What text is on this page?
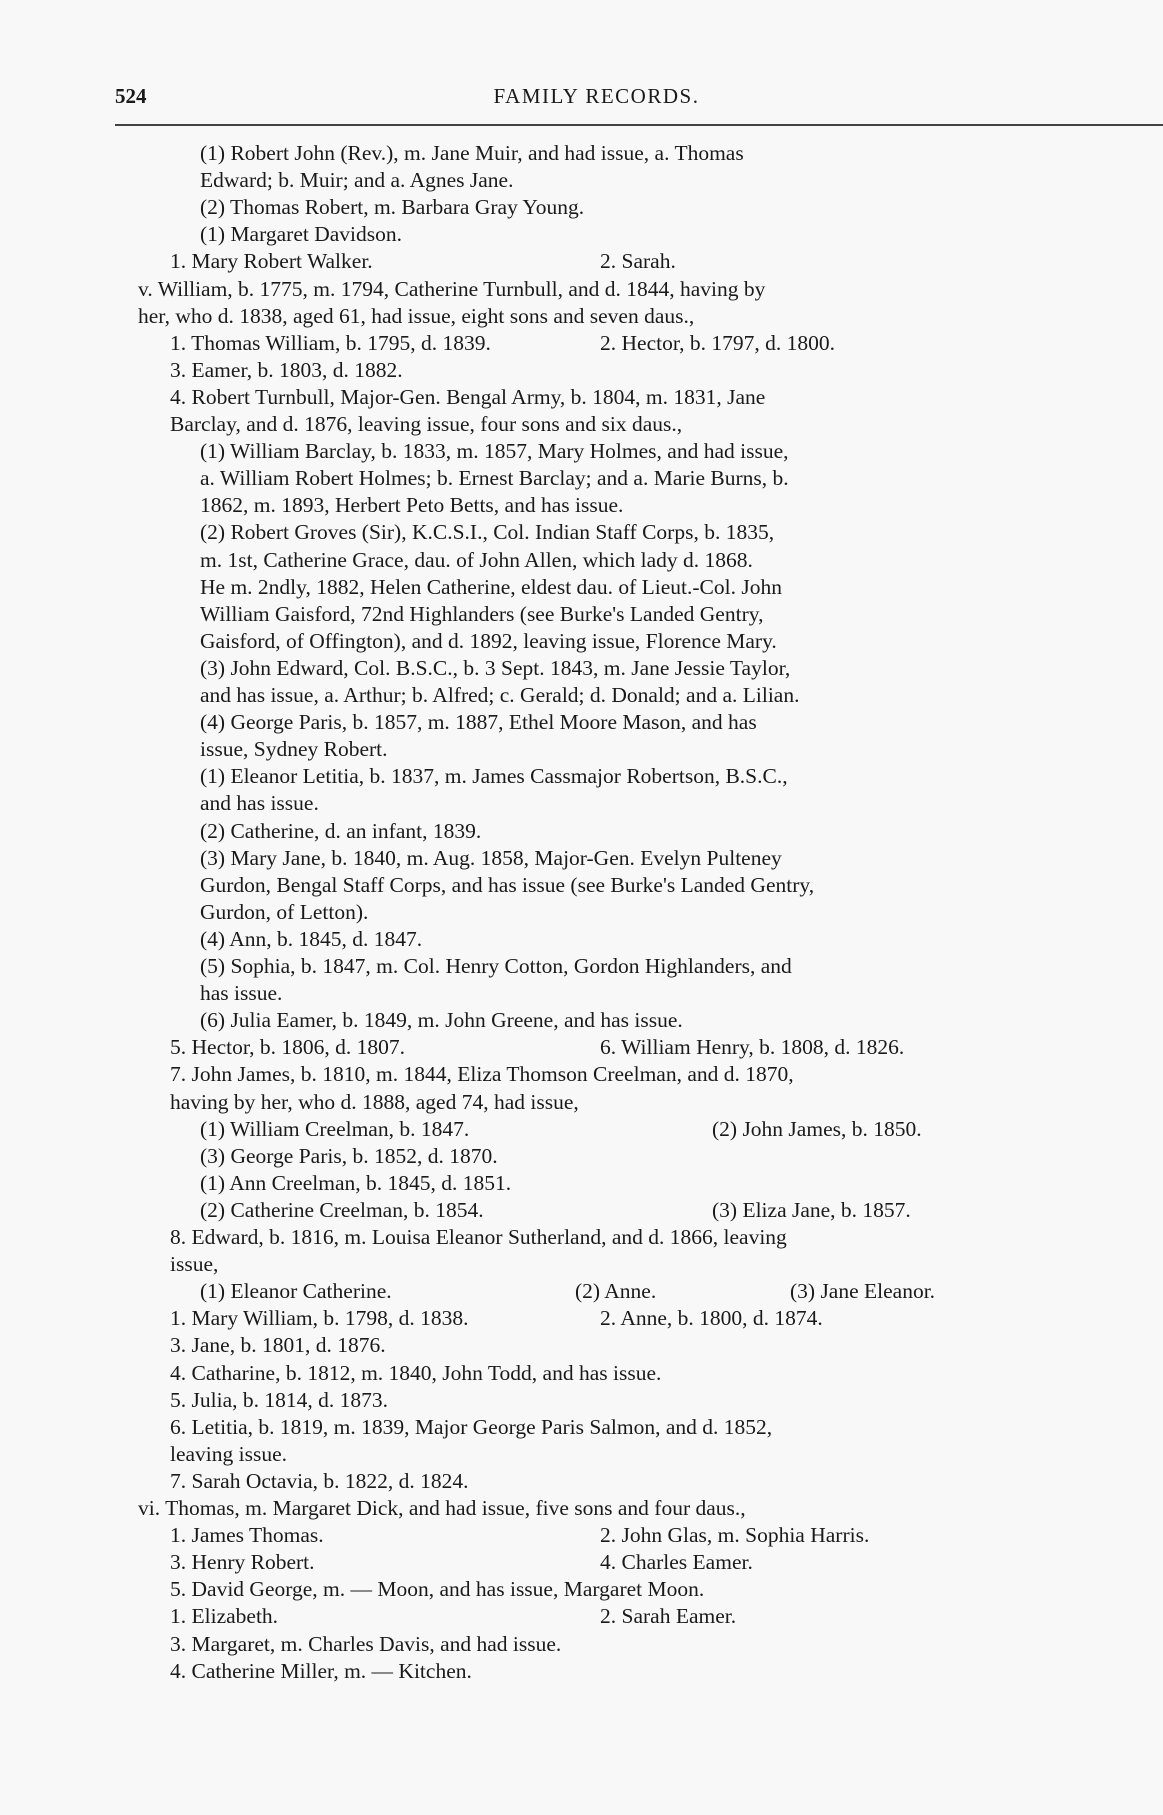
524	FAMILY RECORDS.
(1) Robert John (Rev.), m. Jane Muir, and had issue, a. Thomas
Edward; b. Muir; and a. Agnes Jane.
(2) Thomas Robert, m. Barbara Gray Young.
(1) Margaret Davidson.
1. Mary Robert Walker.	2. Sarah.
v. William, b. 1775, m. 1794, Catherine Turnbull, and d. 1844, having by
her, who d. 1838, aged 61, had issue, eight sons and seven daus.,
1. Thomas William, b. 1795, d. 1839.	2. Hector, b. 1797, d. 1800.
3. Eamer, b. 1803, d. 1882.
4. Robert Turnbull, Major-Gen. Bengal Army, b. 1804, m. 1831, Jane
Barclay, and d. 1876, leaving issue, four sons and six daus.,
(1) William Barclay, b. 1833, m. 1857, Mary Holmes, and had issue,
a. William Robert Holmes; b. Ernest Barclay; and a. Marie Burns, b.
1862, m. 1893, Herbert Peto Betts, and has issue.
(2) Robert Groves (Sir), K.C.S.I., Col. Indian Staff Corps, b. 1835,
m. 1st, Catherine Grace, dau. of John Allen, which lady d. 1868.
He m. 2ndly, 1882, Helen Catherine, eldest dau. of Lieut.-Col. John
William Gaisford, 72nd Highlanders (see Burke's Landed Gentry,
Gaisford, of Offington), and d. 1892, leaving issue, Florence Mary.
(3) John Edward, Col. B.S.C., b. 3 Sept. 1843, m. Jane Jessie Taylor,
and has issue, a. Arthur; b. Alfred; c. Gerald; d. Donald; and a. Lilian.
(4) George Paris, b. 1857, m. 1887, Ethel Moore Mason, and has
issue, Sydney Robert.
(1) Eleanor Letitia, b. 1837, m. James Cassmajor Robertson, B.S.C.,
and has issue.
(2) Catherine, d. an infant, 1839.
(3) Mary Jane, b. 1840, m. Aug. 1858, Major-Gen. Evelyn Pulteney
Gurdon, Bengal Staff Corps, and has issue (see Burke's Landed Gentry,
Gurdon, of Letton).
(4) Ann, b. 1845, d. 1847.
(5) Sophia, b. 1847, m. Col. Henry Cotton, Gordon Highlanders, and
has issue.
(6) Julia Eamer, b. 1849, m. John Greene, and has issue.
5. Hector, b. 1806, d. 1807.	6. William Henry, b. 1808, d. 1826.
7. John James, b. 1810, m. 1844, Eliza Thomson Creelman, and d. 1870,
having by her, who d. 1888, aged 74, had issue,
(1) William Creelman, b. 1847.	(2) John James, b. 1850.
(3) George Paris, b. 1852, d. 1870.
(1) Ann Creelman, b. 1845, d. 1851.
(2) Catherine Creelman, b. 1854.	(3) Eliza Jane, b. 1857.
8. Edward, b. 1816, m. Louisa Eleanor Sutherland, and d. 1866, leaving
issue,
(1) Eleanor Catherine.	(2) Anne.	(3) Jane Eleanor.
1. Mary William, b. 1798, d. 1838.	2. Anne, b. 1800, d. 1874.
3. Jane, b. 1801, d. 1876.
4. Catharine, b. 1812, m. 1840, John Todd, and has issue.
5. Julia, b. 1814, d. 1873.
6. Letitia, b. 1819, m. 1839, Major George Paris Salmon, and d. 1852,
leaving issue.
7. Sarah Octavia, b. 1822, d. 1824.
vi. Thomas, m. Margaret Dick, and had issue, five sons and four daus.,
1. James Thomas.	2. John Glas, m. Sophia Harris.
3. Henry Robert.	4. Charles Eamer.
5. David George, m. — Moon, and has issue, Margaret Moon.
1. Elizabeth.	2. Sarah Eamer.
3. Margaret, m. Charles Davis, and had issue.
4. Catherine Miller, m. — Kitchen.
